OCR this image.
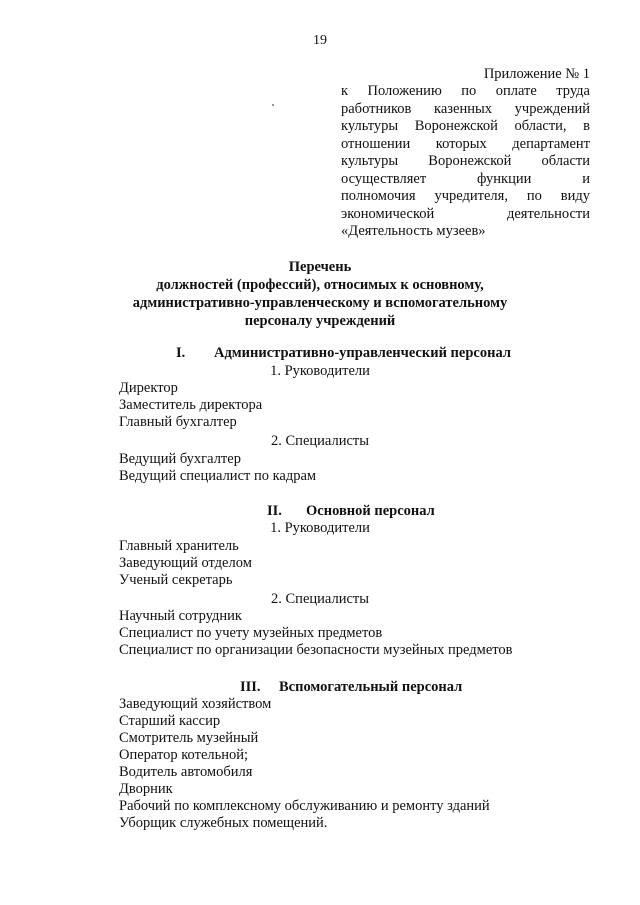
19
Приложение № 1
к Положению по оплате труда
работников казенных учреждений
культуры Воронежской области, в
отношении которых департамент
культуры Воронежской области
осуществляет функции и
полномочия учредителя, по виду
экономической деятельности
«Деятельность музеев»
Перечень
должностей (профессий), относимых к основному,
административно-управленческому и вспомогательному
персоналу учреждений
I. Административно-управленческий персонал
1. Руководители
Директор
Заместитель директора
Главный бухгалтер
2. Специалисты
Ведущий бухгалтер
Ведущий специалист по кадрам
II. Основной персонал
1. Руководители
Главный хранитель
Заведующий отделом
Ученый секретарь
2. Специалисты
Научный сотрудник
Специалист по учету музейных предметов
Специалист по организации безопасности музейных предметов
III. Вспомогательный персонал
Заведующий хозяйством
Старший кассир
Смотритель музейный
Оператор котельной;
Водитель автомобиля
Дворник
Рабочий по комплексному обслуживанию и ремонту зданий
Уборщик служебных помещений.
